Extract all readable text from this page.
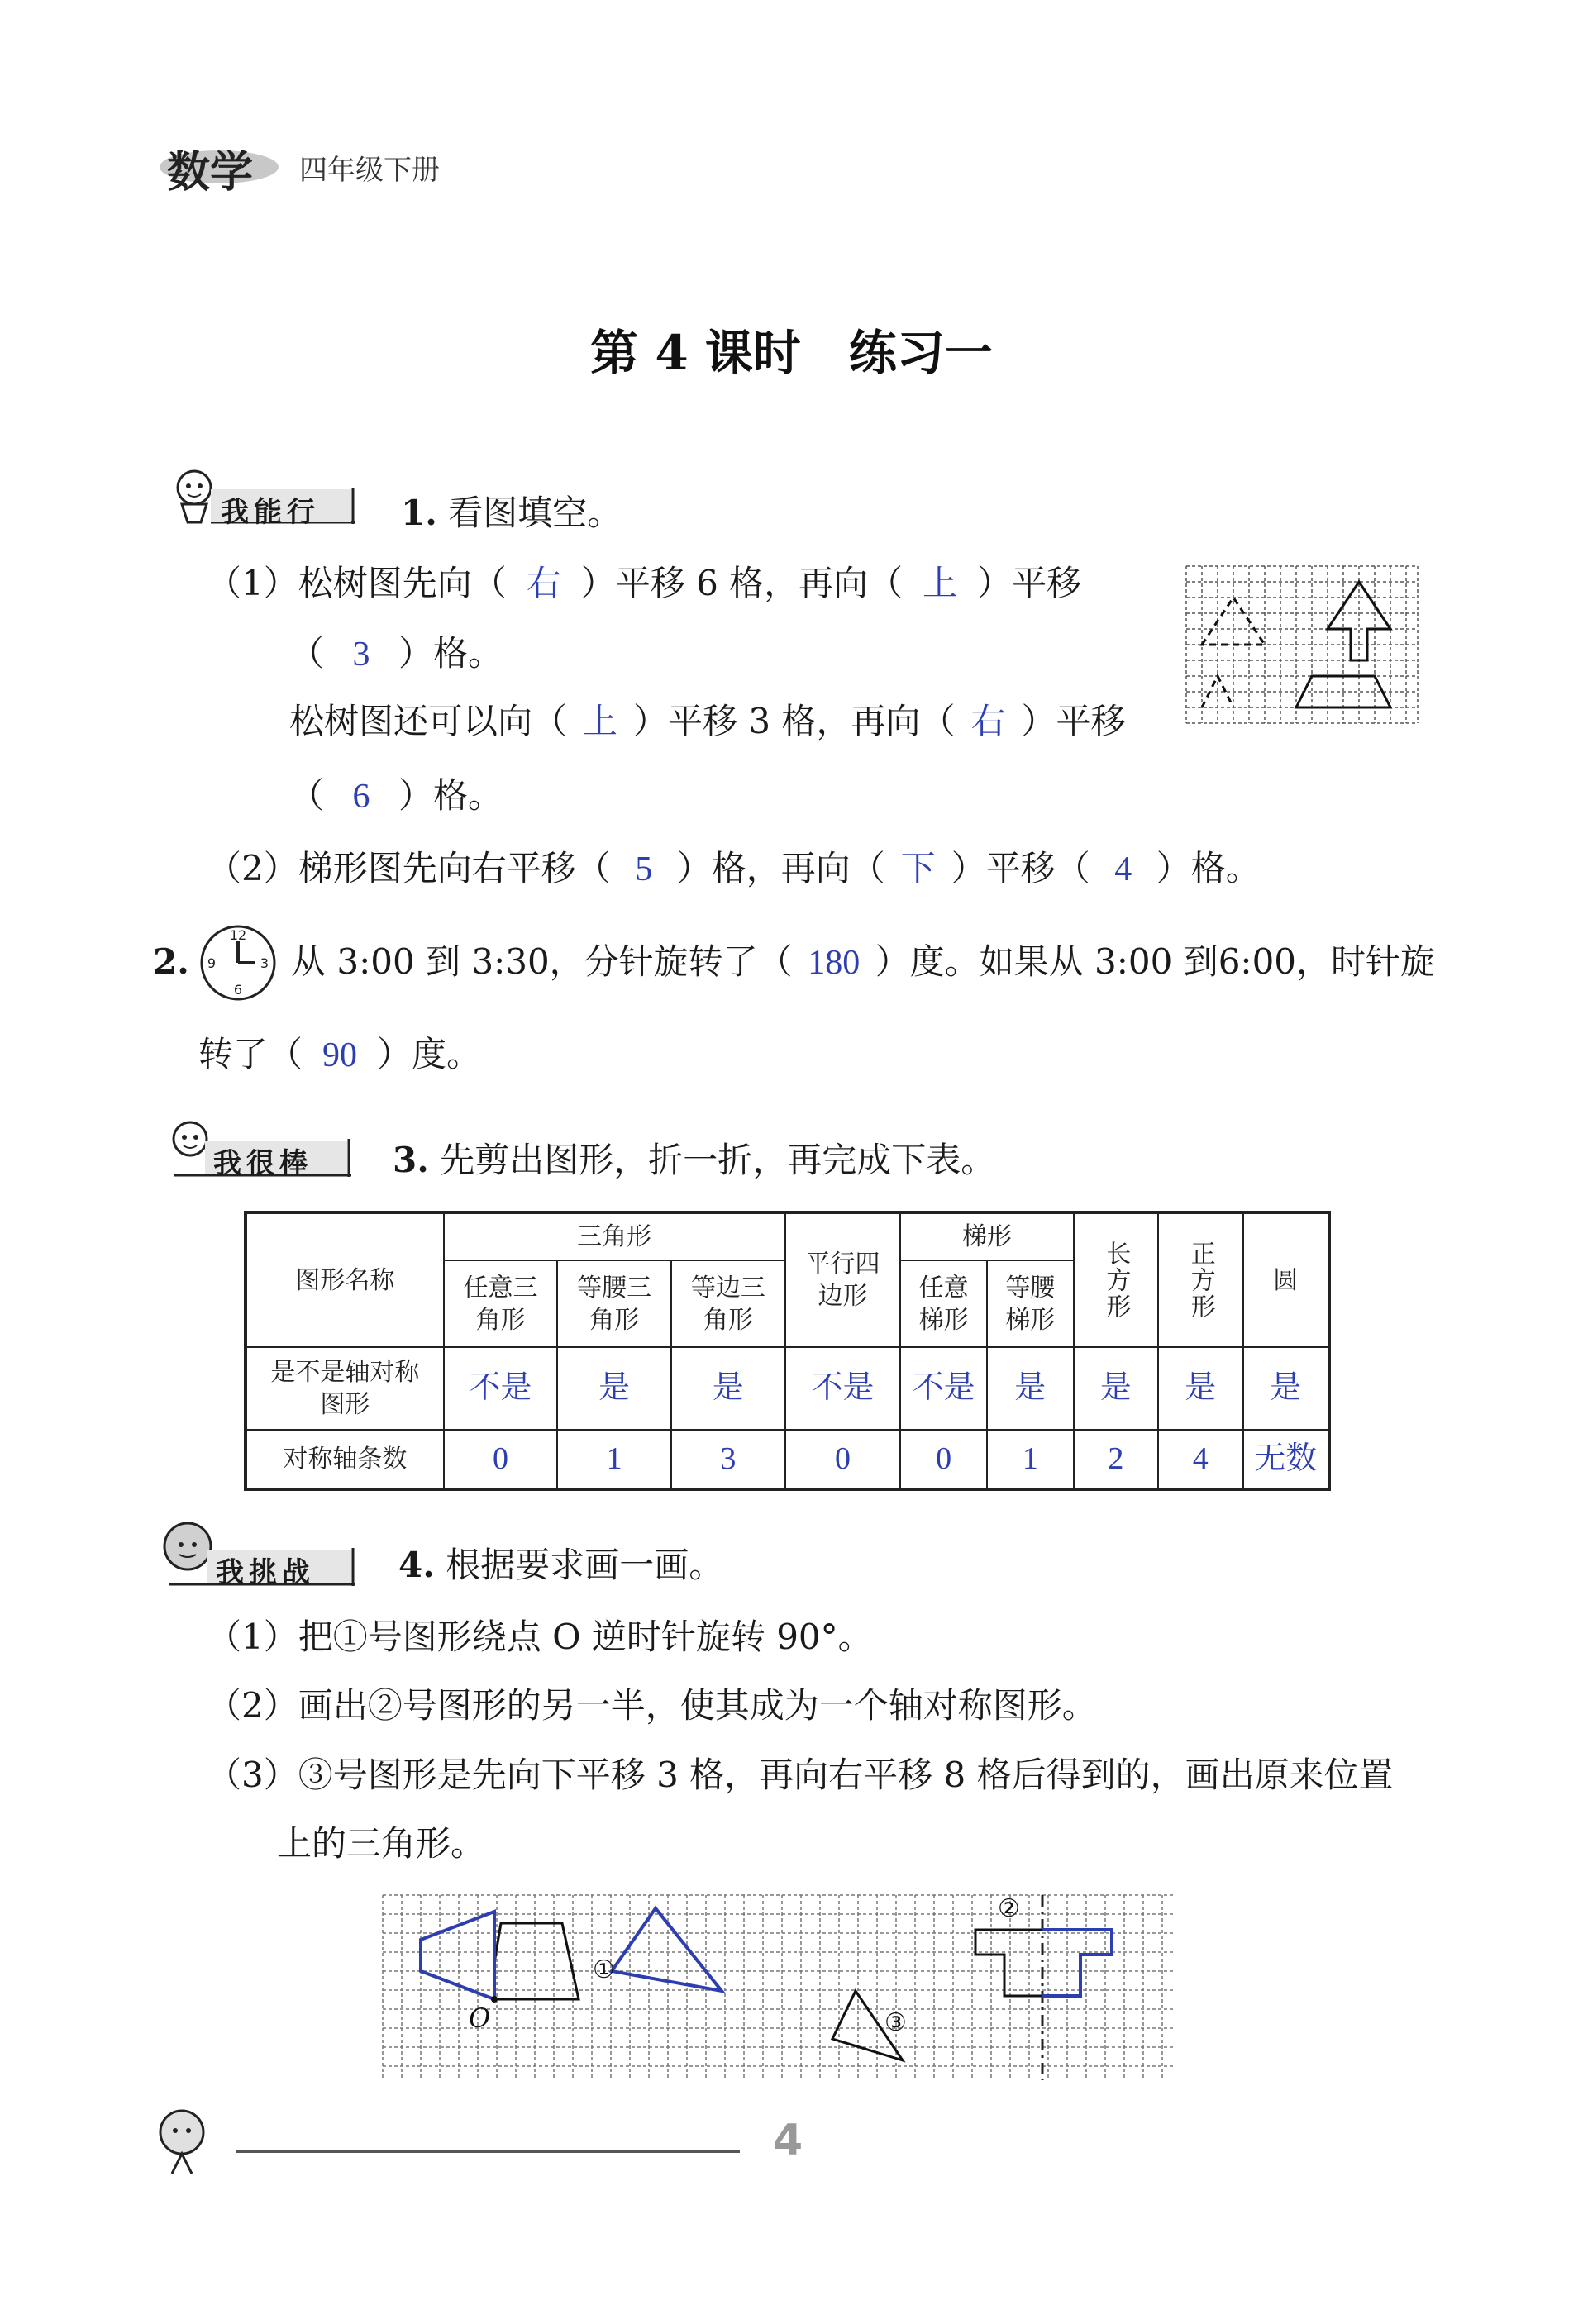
数学 四年级下册
第 4 课时　练习一
我能行 1. 看图填空。
（1）松树图先向（ 右 ）平移 6 格，再向（ 上 ）平移
（ 3 ）格。
松树图还可以向（ 上 ）平移 3 格，再向（ 右 ）平移
（ 6 ）格。
（2）梯形图先向右平移（ 5 ）格，再向（ 下 ）平移（ 4 ）格。
2.
12
3
6
9 从 3:00 到 3:30，分针旋转了（ 180 ）度。如果从 3:00 到6:00，时针旋
转了（ 90 ）度。
我很棒 3. 先剪出图形，折一折，再完成下表。
图形名称	三角形			平行四边形	梯形		长方形	正方形	圆

	任意三角形	等腰三角形	等边三角形		任意梯形	等腰梯形			

是不是轴对称图形	不是	是	是	不是	不是	是	是	是	是
对称轴条数	0	1	3	0	0	1	2	4	无数
我挑战 4. 根据要求画一画。
（1）把①号图形绕点 O 逆时针旋转 90°。
（2）画出②号图形的另一半，使其成为一个轴对称图形。
（3）③号图形是先向下平移 3 格，再向右平移 8 格后得到的，画出原来位置
上的三角形。
①
②
③
O
4
